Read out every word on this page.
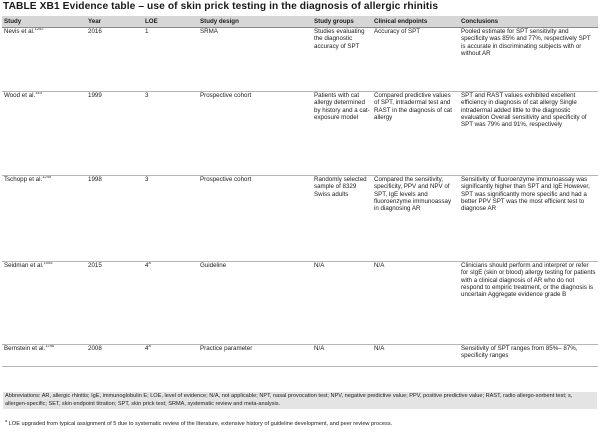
TABLE XB1 Evidence table – use of skin prick testing in the diagnosis of allergic rhinitis
Study	Year	LOE	Study design	Study groups	Clinical endpoints	Conclusions
Nevis et al.$^{1252}$	2016	1	SRMA	Studies evaluating the diagnostic accuracy of SPT	Accuracy of SPT	Pooled estimate for SPT sensitivity and specificity was 85% and 77%, respectively SPT is accurate in discriminating subjects with or without AR

Wood et al.$^{143}$	1999	3	Prospective cohort	Patients with cat allergy determined by history and a cat-exposure model	Compared predictive values of SPT, intradermal test and RAST in the diagnosis of cat allergy	SPT and RAST values exhibited excellent efficiency in diagnosis of cat allergy Single intradermal added little to the diagnostic evaluation Overall sensitivity and specificity of SPT was 79% and 91%, respectively

Tschopp et al.$^{1249}$	1998	3	Prospective cohort	Randomly selected sample of 8329 Swiss adults	Compared the sensitivity, specificity, PPV and NPV of SPT, IgE levels and fluoroenzyme immunoassay in diagnosing AR	Sensitivity of fluoroenzyme immunoassay was significantly higher than SPT and IgE However, SPT was significantly more specific and had a better PPV SPT was the most efficient test to diagnose AR

Seidman et al.$^{1005}$	2015	4$^a$	Guideline	N/A	N/A	Clinicians should perform and interpret or refer for sIgE (skin or blood) allergy testing for patients with a clinical diagnosis of AR who do not respond to empiric treatment, or the diagnosis is uncertain Aggregate evidence grade B

Bernstein et al.$^{1246}$	2008	4$^a$	Practice parameter	N/A	N/A	Sensitivity of SPT ranges from 85%– 87%, specificity ranges
Abbreviations: AR, allergic rhinitis; IgE, immunoglobulin E; LOE, level of evidence; N/A, not applicable; NPT, nasal provocation test; NPV, negative predictive value; PPV, positive predictive value; RAST, radio allergo-sorbent test; s, allergen-specific; SET, skin endpoint titration; SPT, skin prick test; SRMA, systematic review and meta-analysis.
$^a$ LOE upgraded from typical assignment of 5 due to systematic review of the literature, extensive history of guideline development, and peer review process.
